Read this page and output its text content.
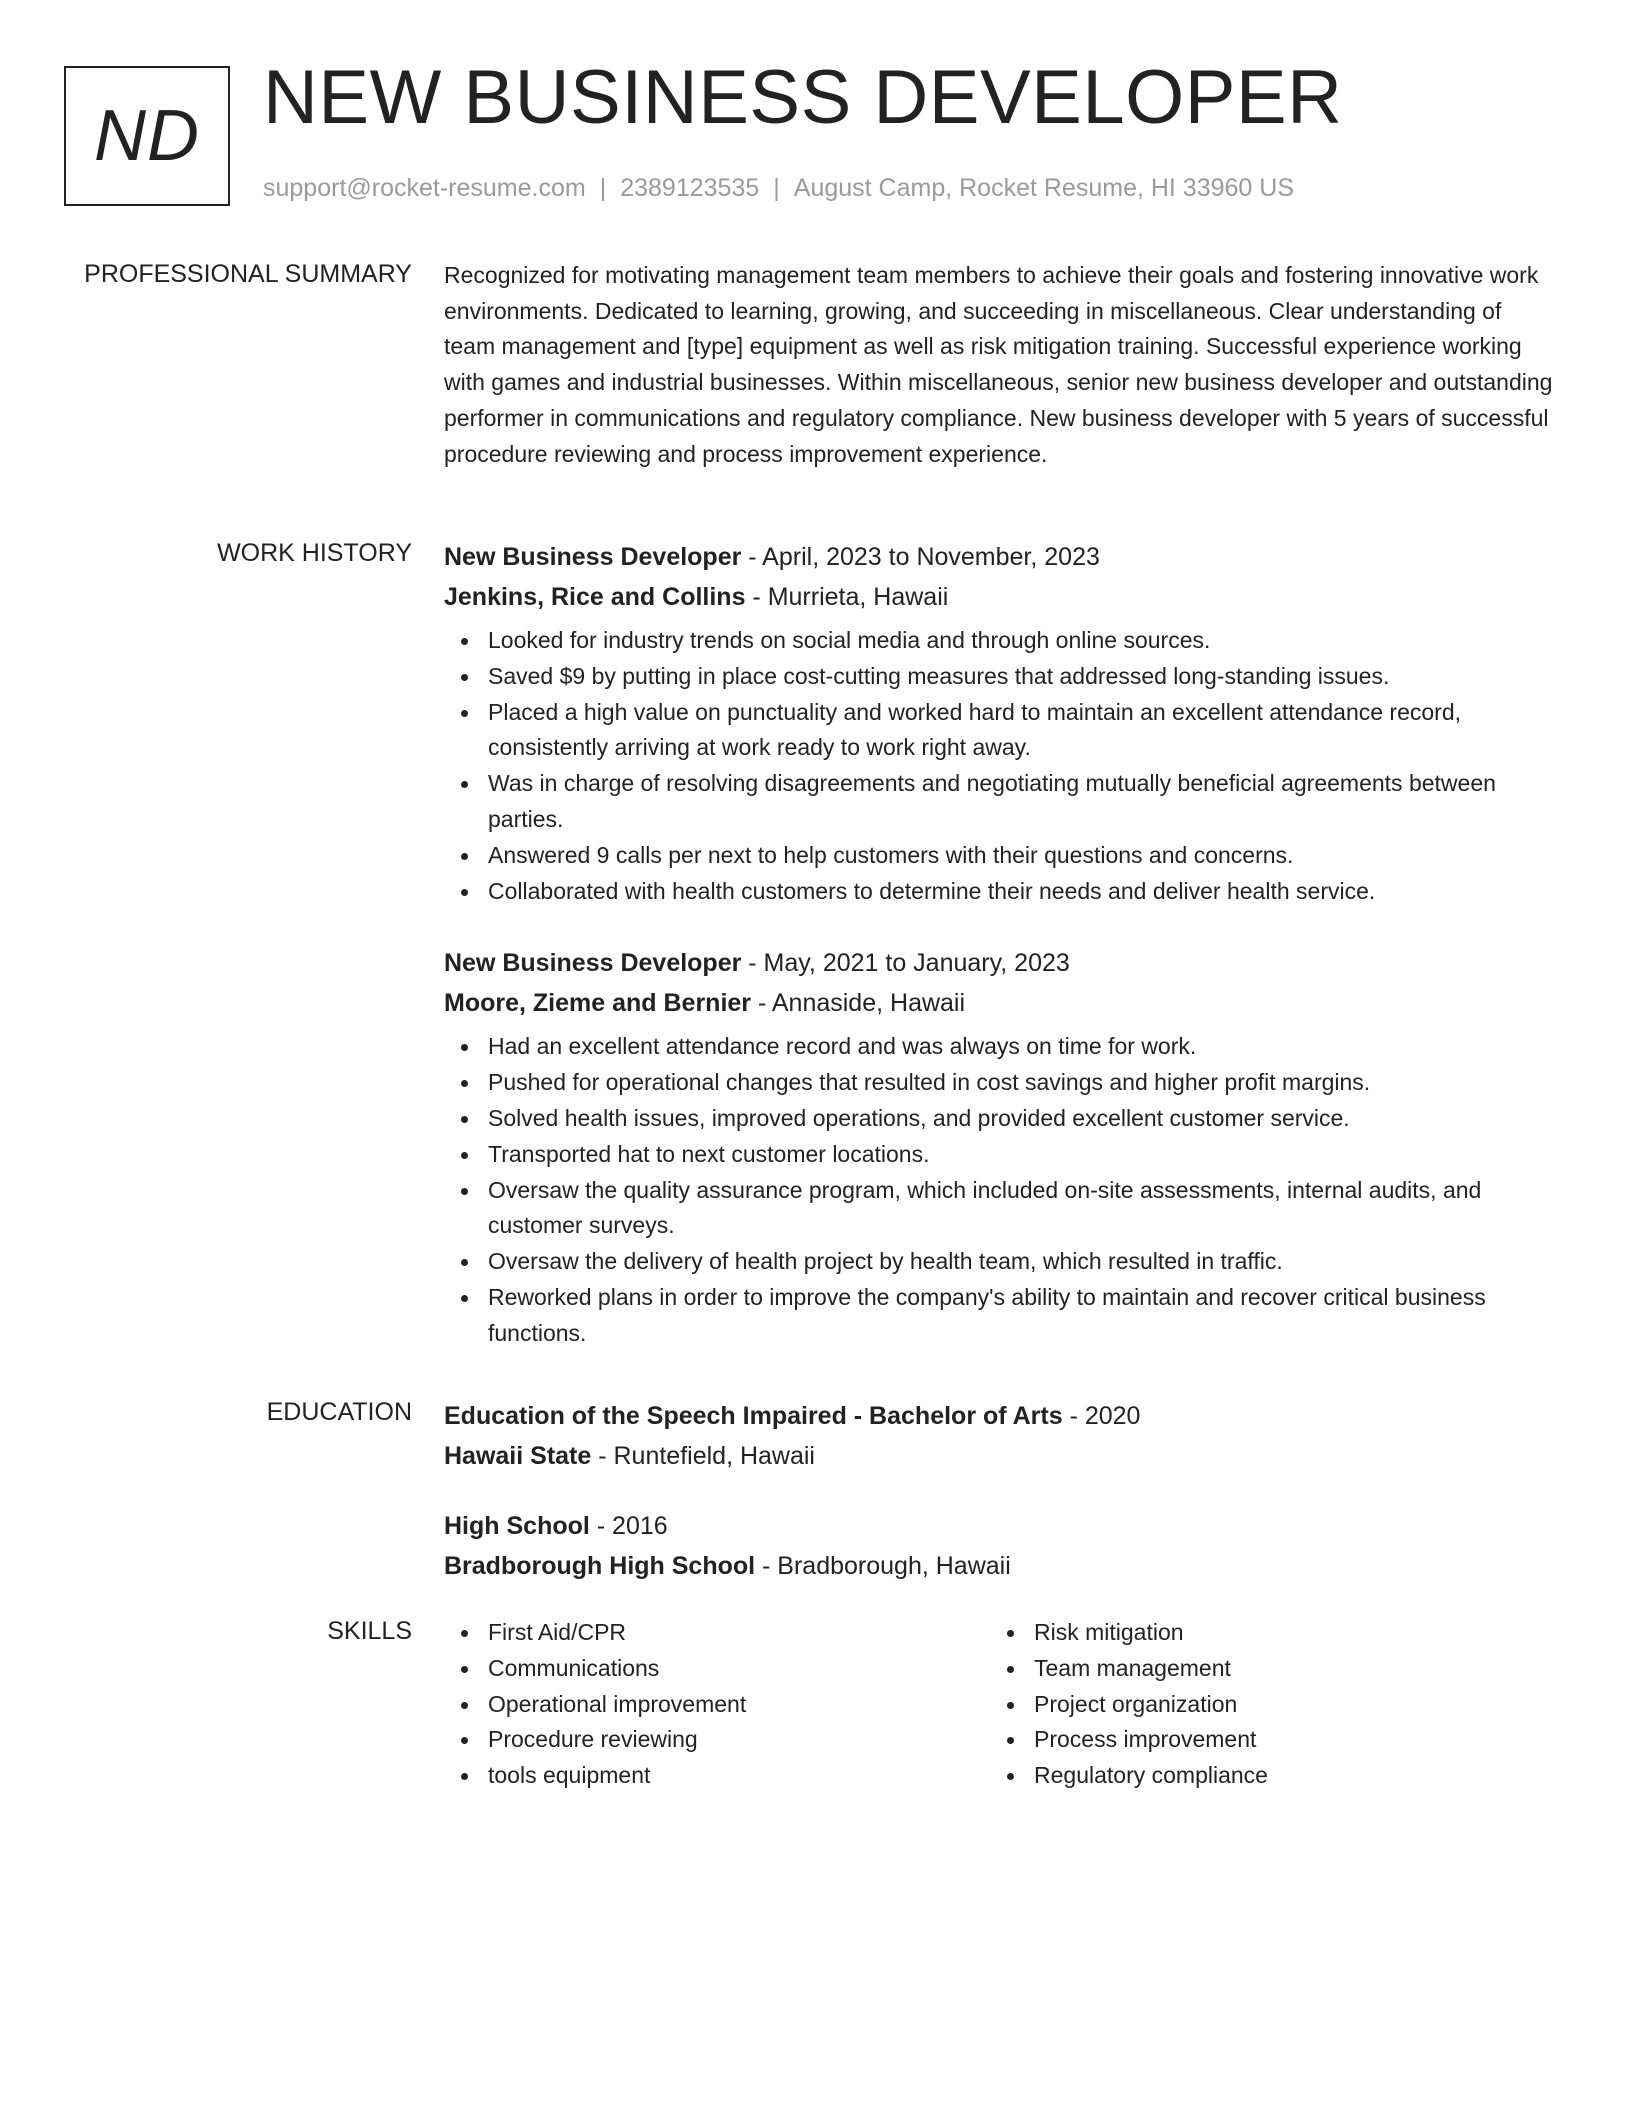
ND NEW BUSINESS DEVELOPER
support@rocket-resume.com | 2389123535 | August Camp, Rocket Resume, HI 33960 US
PROFESSIONAL SUMMARY Recognized for motivating management team members to achieve their goals and fostering innovative work environments. Dedicated to learning, growing, and succeeding in miscellaneous. Clear understanding of team management and [type] equipment as well as risk mitigation training. Successful experience working with games and industrial businesses. Within miscellaneous, senior new business developer and outstanding performer in communications and regulatory compliance. New business developer with 5 years of successful procedure reviewing and process improvement experience.

WORK HISTORY New Business Developer - April, 2023 to November, 2023
Jenkins, Rice and Collins - Murrieta, Hawaii
Looked for industry trends on social media and through online sources.
Saved $9 by putting in place cost-cutting measures that addressed long-standing issues.
Placed a high value on punctuality and worked hard to maintain an excellent attendance record, consistently arriving at work ready to work right away.
Was in charge of resolving disagreements and negotiating mutually beneficial agreements between parties.
Answered 9 calls per next to help customers with their questions and concerns.
Collaborated with health customers to determine their needs and deliver health service.
New Business Developer - May, 2021 to January, 2023
Moore, Zieme and Bernier - Annaside, Hawaii
Had an excellent attendance record and was always on time for work.
Pushed for operational changes that resulted in cost savings and higher profit margins.
Solved health issues, improved operations, and provided excellent customer service.
Transported hat to next customer locations.
Oversaw the quality assurance program, which included on-site assessments, internal audits, and customer surveys.
Oversaw the delivery of health project by health team, which resulted in traffic.
Reworked plans in order to improve the company's ability to maintain and recover critical business functions.
EDUCATION Education of the Speech Impaired - Bachelor of Arts - 2020
Hawaii State - Runtefield, Hawaii
High School - 2016
Bradborough High School - Bradborough, Hawaii
SKILLS	First Aid/CPR
Communications
Operational improvement
Procedure reviewing
tools equipment
Risk mitigation
Team management
Project organization
Process improvement
Regulatory compliance
